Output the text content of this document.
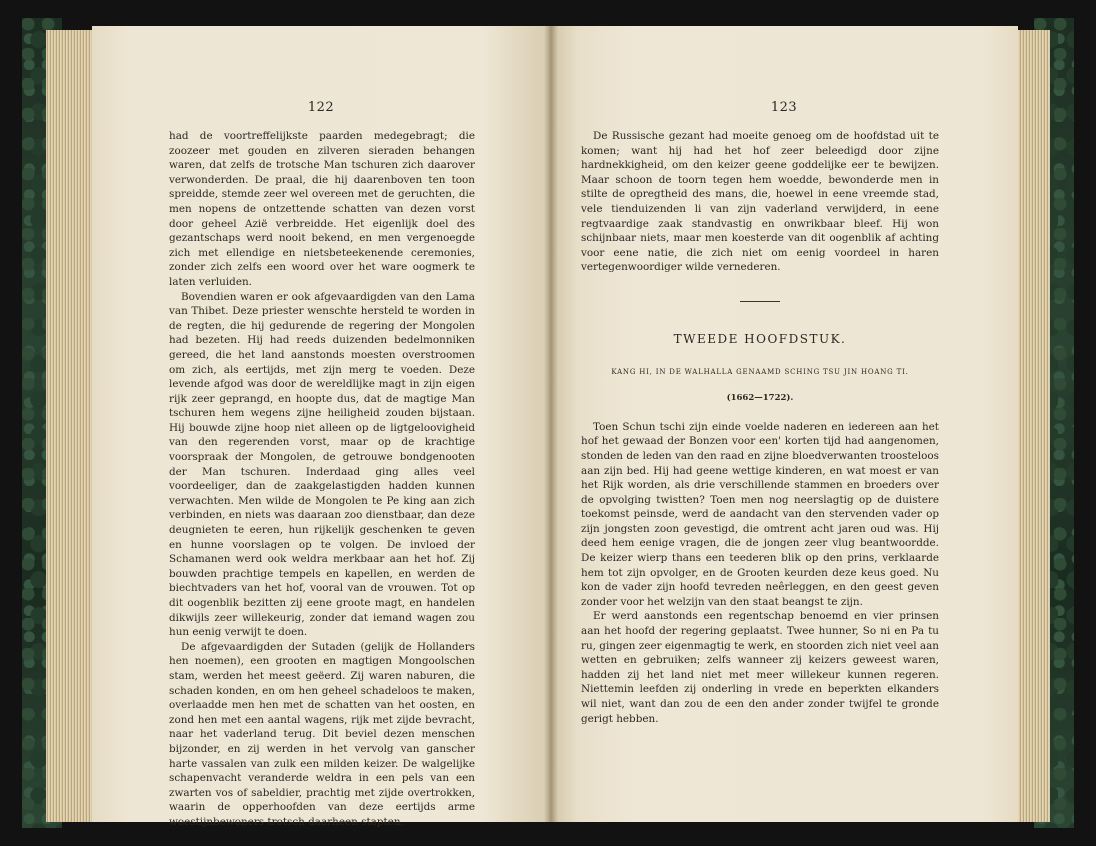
122

had de voortreffelijkste paarden medegebragt; die zoozeer met gouden en zilveren sieraden behangen waren, dat zelfs de trotsche Man tschuren zich daarover verwonderden. De praal, die hij daarenboven ten toon spreidde, stemde zeer wel overeen met de geruchten, die men nopens de ontzettende schatten van dezen vorst door geheel Azië verbreidde. Het eigenlijk doel des gezantschaps werd nooit bekend, en men vergenoegde zich met ellendige en nietsbeteekenende ceremonies, zonder zich zelfs een woord over het ware oogmerk te laten verluiden.

Bovendien waren er ook afgevaardigden van den Lama van Thibet. Deze priester wenschte hersteld te worden in de regten, die hij gedurende de regering der Mongolen had bezeten. Hij had reeds duizenden bedelmonniken gereed, die het land aanstonds moesten overstroomen om zich, als eertijds, met zijn merg te voeden. Deze levende afgod was door de wereldlijke magt in zijn eigen rijk zeer geprangd, en hoopte dus, dat de magtige Man tschuren hem wegens zijne heiligheid zouden bijstaan. Hij bouwde zijne hoop niet alleen op de ligtgeloovigheid van den regerenden vorst, maar op de krachtige voorspraak der Mongolen, de getrouwe bondgenooten der Man tschuren. Inderdaad ging alles veel voordeeliger, dan de zaakgelastigden hadden kunnen verwachten. Men wilde de Mongolen te Pe king aan zich verbinden, en niets was daaraan zoo dienstbaar, dan deze deugnieten te eeren, hun rijkelijk geschenken te geven en hunne voorslagen op te volgen. De invloed der Schamanen werd ook weldra merkbaar aan het hof. Zij bouwden prachtige tempels en kapellen, en werden de biechtvaders van het hof, vooral van de vrouwen. Tot op dit oogenblik bezitten zij eene groote magt, en handelen dikwijls zeer willekeurig, zonder dat iemand wagen zou hun eenig verwijt te doen.

De afgevaardigden der Sutaden (gelijk de Hollanders hen noemen), een grooten en magtigen Mongoolschen stam, werden het meest geëerd. Zij waren naburen, die schaden konden, en om hen geheel schadeloos te maken, overlaadde men hen met de schatten van het oosten, en zond hen met een aantal wagens, rijk met zijde bevracht, naar het vaderland terug. Dit beviel dezen menschen bijzonder, en zij werden in het vervolg van ganscher harte vassalen van zulk een milden keizer. De walgelijke schapenvacht veranderde weldra in een pels van een zwarten vos of sabeldier, prachtig met zijde overtrokken, waarin de opperhoofden van deze eertijds arme woestijnbewoners trotsch daarheen stapten.

123

De Russische gezant had moeite genoeg om de hoofdstad uit te komen; want hij had het hof zeer beleedigd door zijne hardnekkigheid, om den keizer geene goddelijke eer te bewijzen. Maar schoon de toorn tegen hem woedde, bewonderde men in stilte de opregtheid des mans, die, hoewel in eene vreemde stad, vele tienduizenden li van zijn vaderland verwijderd, in eene regtvaardige zaak standvastig en onwrikbaar bleef. Hij won schijnbaar niets, maar men koesterde van dit oogenblik af achting voor eene natie, die zich niet om eenig voordeel in haren vertegenwoordiger wilde vernederen.

TWEEDE HOOFDSTUK.
KANG HI, IN DE WALHALLA GENAAMD SCHING TSU JIN HOANG TI.
(1662—1722).

Toen Schun tschi zijn einde voelde naderen en iedereen aan het hof het gewaad der Bonzen voor een' korten tijd had aangenomen, stonden de leden van den raad en zijne bloedverwanten troosteloos aan zijn bed. Hij had geene wettige kinderen, en wat moest er van het Rijk worden, als drie verschillende stammen en broeders over de opvolging twistten? Toen men nog neerslagtig op de duistere toekomst peinsde, werd de aandacht van den stervenden vader op zijn jongsten zoon gevestigd, die omtrent acht jaren oud was. Hij deed hem eenige vragen, die de jongen zeer vlug beantwoordde. De keizer wierp thans een teederen blik op den prins, verklaarde hem tot zijn opvolger, en de Grooten keurden deze keus goed. Nu kon de vader zijn hoofd tevreden neêrleggen, en den geest geven zonder voor het welzijn van den staat beangst te zijn.

Er werd aanstonds een regentschap benoemd en vier prinsen aan het hoofd der regering geplaatst. Twee hunner, So ni en Pa tu ru, gingen zeer eigenmagtig te werk, en stoorden zich niet veel aan wetten en gebruiken; zelfs wanneer zij keizers geweest waren, hadden zij het land niet met meer willekeur kunnen regeren. Niettemin leefden zij onderling in vrede en beperkten elkanders wil niet, want dan zou de een den ander zonder twijfel te gronde gerigt hebben.
